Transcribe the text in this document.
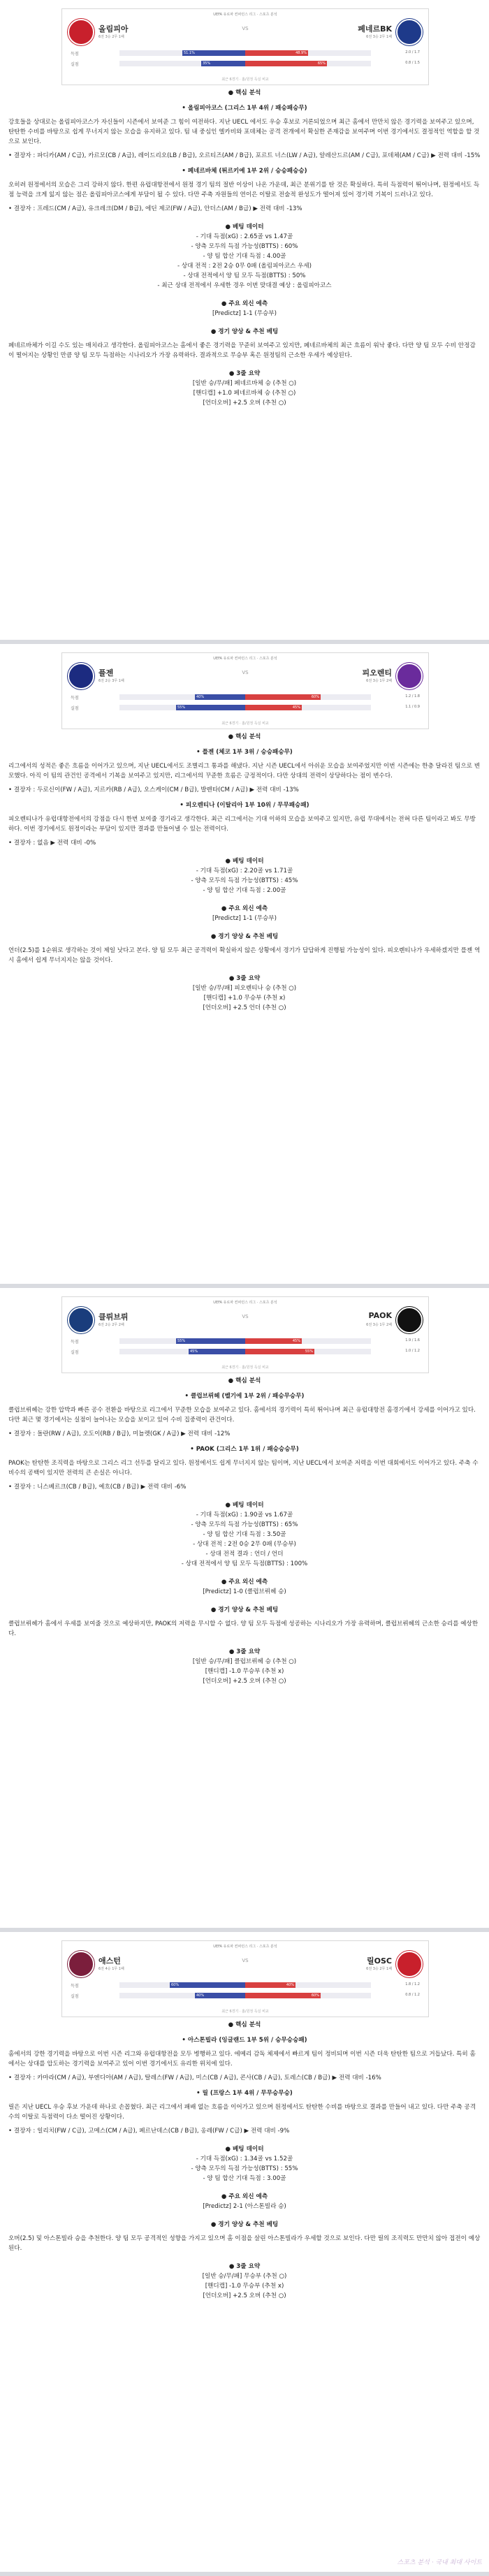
UEFA 유로파 컨퍼런스 리그 · 스포츠 분석
올림피아
6전 3승 2무 1패
VS	페네르BK
6전 3승 2무 1패
득점	51.1%	48.9%	2.0 / 1.7
실점	35%	65%	0.8 / 1.5
최근 6경기 · 홈/원정 득실 비교
● 핵심 분석
• 올림피아코스 (그리스 1부 4위 / 패승패승무)
강호들을 상대로는 올림피아코스가 자신들이 시즌에서 보여준 그 힘이 여전하다. 지난 UECL 에서도 우승 후보로 거론되었으며 최근 홈에서 만만치 않은 경기력을 보여주고 있으며, 탄탄한 수비를 바탕으로 쉽게 무너지지 않는 모습을 유지하고 있다. 팀 내 중심인 엘카비와 포데체는 공격 전개에서 확실한 존재감을 보여주며 이번 경기에서도 결정적인 역할을 할 것으로 보인다.
• 결장자 : 파디카(AM / C급), 카르모(CB / A급), 레이드리오(LB / B급), 오르티즈(AM / B급), 포르트 너스(LW / A급), 알레산드르(AM / C급), 포데체(AM / C급) ▶ 전력 대비 -15%
• 페네르바체 (튀르키예 1부 2위 / 승승패승승)
오히려 원정에서의 모습은 그리 강하지 않다. 한편 유럽대항전에서 원정 경기 팀의 절반 이상이 나온 가운데, 최근 분위기를 탄 것은 확실하다. 특히 득점력이 뛰어나며, 원정에서도 득점 능력을 크게 잃지 않는 점은 올림피아코스에게 부담이 될 수 있다. 다만 주축 자원들의 연이은 이탈로 전술적 완성도가 떨어져 있어 경기력 기복이 드러나고 있다.
• 결장자 : 프레드(CM / A급), 유크레크(DM / B급), 에딘 제코(FW / A급), 안더스(AM / B급) ▶ 전력 대비 -13%
● 베팅 데이터
- 기대 득점(xG) : 2.65골 vs 1.47골
- 양측 모두의 득점 가능성(BTTS) : 60%
- 양 팀 합산 기대 득점 : 4.00골
- 상대 전적 : 2전 2승 0무 0패 (올림피아코스 우세)
- 상대 전적에서 양 팀 모두 득점(BTTS) : 50%
- 최근 상대 전적에서 우세한 경우 이번 맞대결 예상 : 올림피아코스
● 주요 외신 예측
[Predictz] 1-1 (무승부)
● 경기 양상 & 추천 베팅
페네르바체가 이길 수도 있는 매치라고 생각한다. 올림피아코스는 홈에서 좋은 경기력을 꾸준히 보여주고 있지만, 페네르바체의 최근 흐름이 워낙 좋다. 다만 양 팀 모두 수비 안정감이 떨어지는 상황인 만큼 양 팀 모두 득점하는 시나리오가 가장 유력하다. 결과적으로 무승부 혹은 원정팀의 근소한 우세가 예상된다.
● 3줄 요약
[일반 승/무/패] 페네르바체 승 (추천 ○)
[핸디캡] +1.0 페네르바체 승 (추천 ○)
[언더오버] +2.5 오버 (추천 ○)
UEFA 유로파 컨퍼런스 리그 · 스포츠 분석
플젠
6전 2승 3무 1패
VS	피오렌티
6전 3승 1무 2패
득점	40%	60%	1.2 / 1.8
실점	55%	45%	1.1 / 0.9
최근 6경기 · 홈/원정 득실 비교
● 핵심 분석
• 플젠 (체코 1부 3위 / 승승패승무)
리그에서의 성적은 좋은 흐름을 이어가고 있으며, 지난 UECL에서도 조별리그 통과를 해냈다. 지난 시즌 UECL에서 아쉬운 모습을 보여주었지만 이번 시즌에는 한층 달라진 팀으로 변모했다. 아직 이 팀의 관건인 공격에서 기복을 보여주고 있지만, 리그에서의 꾸준한 흐름은 긍정적이다. 다만 상대의 전력이 상당하다는 점이 변수다.
• 결장자 : 두로신이(FW / A급), 지르카(RB / A급), 오스케이(CM / B급), 발렌타(CM / A급) ▶ 전력 대비 -13%
• 피오렌티나 (이탈리아 1부 10위 / 무무패승패)
피오렌티나가 유럽대항전에서의 강점을 다시 한번 보여줄 경기라고 생각한다. 최근 리그에서는 기대 이하의 모습을 보여주고 있지만, 유럽 무대에서는 전혀 다른 팀이라고 봐도 무방하다. 이번 경기에서도 원정이라는 부담이 있지만 결과를 만들어낼 수 있는 전력이다.
• 결장자 : 없음 ▶ 전력 대비 -0%
● 베팅 데이터
- 기대 득점(xG) : 2.20골 vs 1.71골
- 양측 모두의 득점 가능성(BTTS) : 45%
- 양 팀 합산 기대 득점 : 2.00골
● 주요 외신 예측
[Predictz] 1-1 (무승부)
● 경기 양상 & 추천 베팅
언더(2.5)를 1순위로 생각하는 것이 제일 낫다고 본다. 양 팀 모두 최근 공격력이 확실하지 않은 상황에서 경기가 답답하게 진행될 가능성이 있다. 피오렌티나가 우세하겠지만 플젠 역시 홈에서 쉽게 무너지지는 않을 것이다.
● 3줄 요약
[일반 승/무/패] 피오렌티나 승 (추천 ○)
[핸디캡] +1.0 무승부 (추천 x)
[언더오버] +2.5 언더 (추천 ○)
UEFA 유로파 컨퍼런스 리그 · 스포츠 분석
클뤼브뤼
6전 2승 2무 2패
VS	PAOK
6전 3승 1무 2패
득점	55%	45%	1.9 / 1.6
실점	45%	55%	1.0 / 1.2
최근 6경기 · 홈/원정 득실 비교
● 핵심 분석
• 클럽브뤼헤 (벨기에 1부 2위 / 패승무승무)
클럽브뤼헤는 강한 압박과 빠른 공수 전환을 바탕으로 리그에서 꾸준한 모습을 보여주고 있다. 홈에서의 경기력이 특히 뛰어나며 최근 유럽대항전 홈경기에서 강세를 이어가고 있다. 다만 최근 몇 경기에서는 실점이 늘어나는 모습을 보이고 있어 수비 집중력이 관건이다.
• 결장자 : 돌란(RW / A급), 오도이(RB / B급), 미뇰렛(GK / A급) ▶ 전력 대비 -12%
• PAOK (그리스 1부 1위 / 패승승승무)
PAOK는 탄탄한 조직력을 바탕으로 그리스 리그 선두를 달리고 있다. 원정에서도 쉽게 무너지지 않는 팀이며, 지난 UECL에서 보여준 저력을 이번 대회에서도 이어가고 있다. 주축 수비수의 공백이 있지만 전력의 큰 손실은 아니다.
• 결장자 : 니스베르크(CB / B급), 예흐(CB / B급) ▶ 전력 대비 -6%
● 베팅 데이터
- 기대 득점(xG) : 1.90골 vs 1.67골
- 양측 모두의 득점 가능성(BTTS) : 65%
- 양 팀 합산 기대 득점 : 3.50골
- 상대 전적 : 2전 0승 2무 0패 (무승부)
- 상대 전적 결과 : 언더 / 언더
- 상대 전적에서 양 팀 모두 득점(BTTS) : 100%
● 주요 외신 예측
[Predictz] 1-0 (클럽브뤼헤 승)
● 경기 양상 & 추천 베팅
클럽브뤼헤가 홈에서 우세를 보여줄 것으로 예상하지만, PAOK의 저력을 무시할 수 없다. 양 팀 모두 득점에 성공하는 시나리오가 가장 유력하며, 클럽브뤼헤의 근소한 승리를 예상한다.
● 3줄 요약
[일반 승/무/패] 클럽브뤼헤 승 (추천 ○)
[핸디캡] -1.0 무승부 (추천 x)
[언더오버] +2.5 오버 (추천 ○)
UEFA 유로파 컨퍼런스 리그 · 스포츠 분석
애스턴
6전 4승 1무 1패
VS	릴OSC
6전 3승 2무 1패
득점	60%	40%	1.8 / 1.2
실점	40%	60%	0.8 / 1.2
최근 6경기 · 홈/원정 득실 비교
● 핵심 분석
• 아스톤빌라 (잉글랜드 1부 5위 / 승무승승패)
홈에서의 강한 경기력을 바탕으로 이번 시즌 리그와 유럽대항전을 모두 병행하고 있다. 에메리 감독 체제에서 빠르게 팀이 정비되며 이번 시즌 더욱 탄탄한 팀으로 거듭났다. 특히 홈에서는 상대를 압도하는 경기력을 보여주고 있어 이번 경기에서도 유리한 위치에 있다.
• 결장자 : 카마라(CM / A급), 부엔디아(AM / A급), 탈레스(FW / A급), 미스(CB / A급), 콘사(CB / A급), 토레스(CB / B급) ▶ 전력 대비 -16%
• 릴 (프랑스 1부 4위 / 무무승무승)
릴은 지난 UECL 우승 후보 가운데 하나로 손꼽혔다. 최근 리그에서 패배 없는 흐름을 이어가고 있으며 원정에서도 탄탄한 수비를 바탕으로 결과를 만들어 내고 있다. 다만 주축 공격수의 이탈로 득점력이 다소 떨어진 상황이다.
• 결장자 : 일리치(FW / C급), 고메스(CM / A급), 페르난데스(CB / B급), 옹레(FW / C급) ▶ 전력 대비 -9%
● 베팅 데이터
- 기대 득점(xG) : 1.34골 vs 1.52골
- 양측 모두의 득점 가능성(BTTS) : 55%
- 양 팀 합산 기대 득점 : 3.00골
● 주요 외신 예측
[Predictz] 2-1 (아스톤빌라 승)
● 경기 양상 & 추천 베팅
오버(2.5) 및 아스톤빌라 승을 추천한다. 양 팀 모두 공격적인 성향을 가지고 있으며 홈 이점을 살린 아스톤빌라가 우세할 것으로 보인다. 다만 릴의 조직력도 만만치 않아 접전이 예상된다.
● 3줄 요약
[일반 승/무/패] 무승부 (추천 ○)
[핸디캡] -1.0 무승부 (추천 x)
[언더오버] +2.5 오버 (추천 ○)
스포츠 분석 · 국내 최대 사이트
